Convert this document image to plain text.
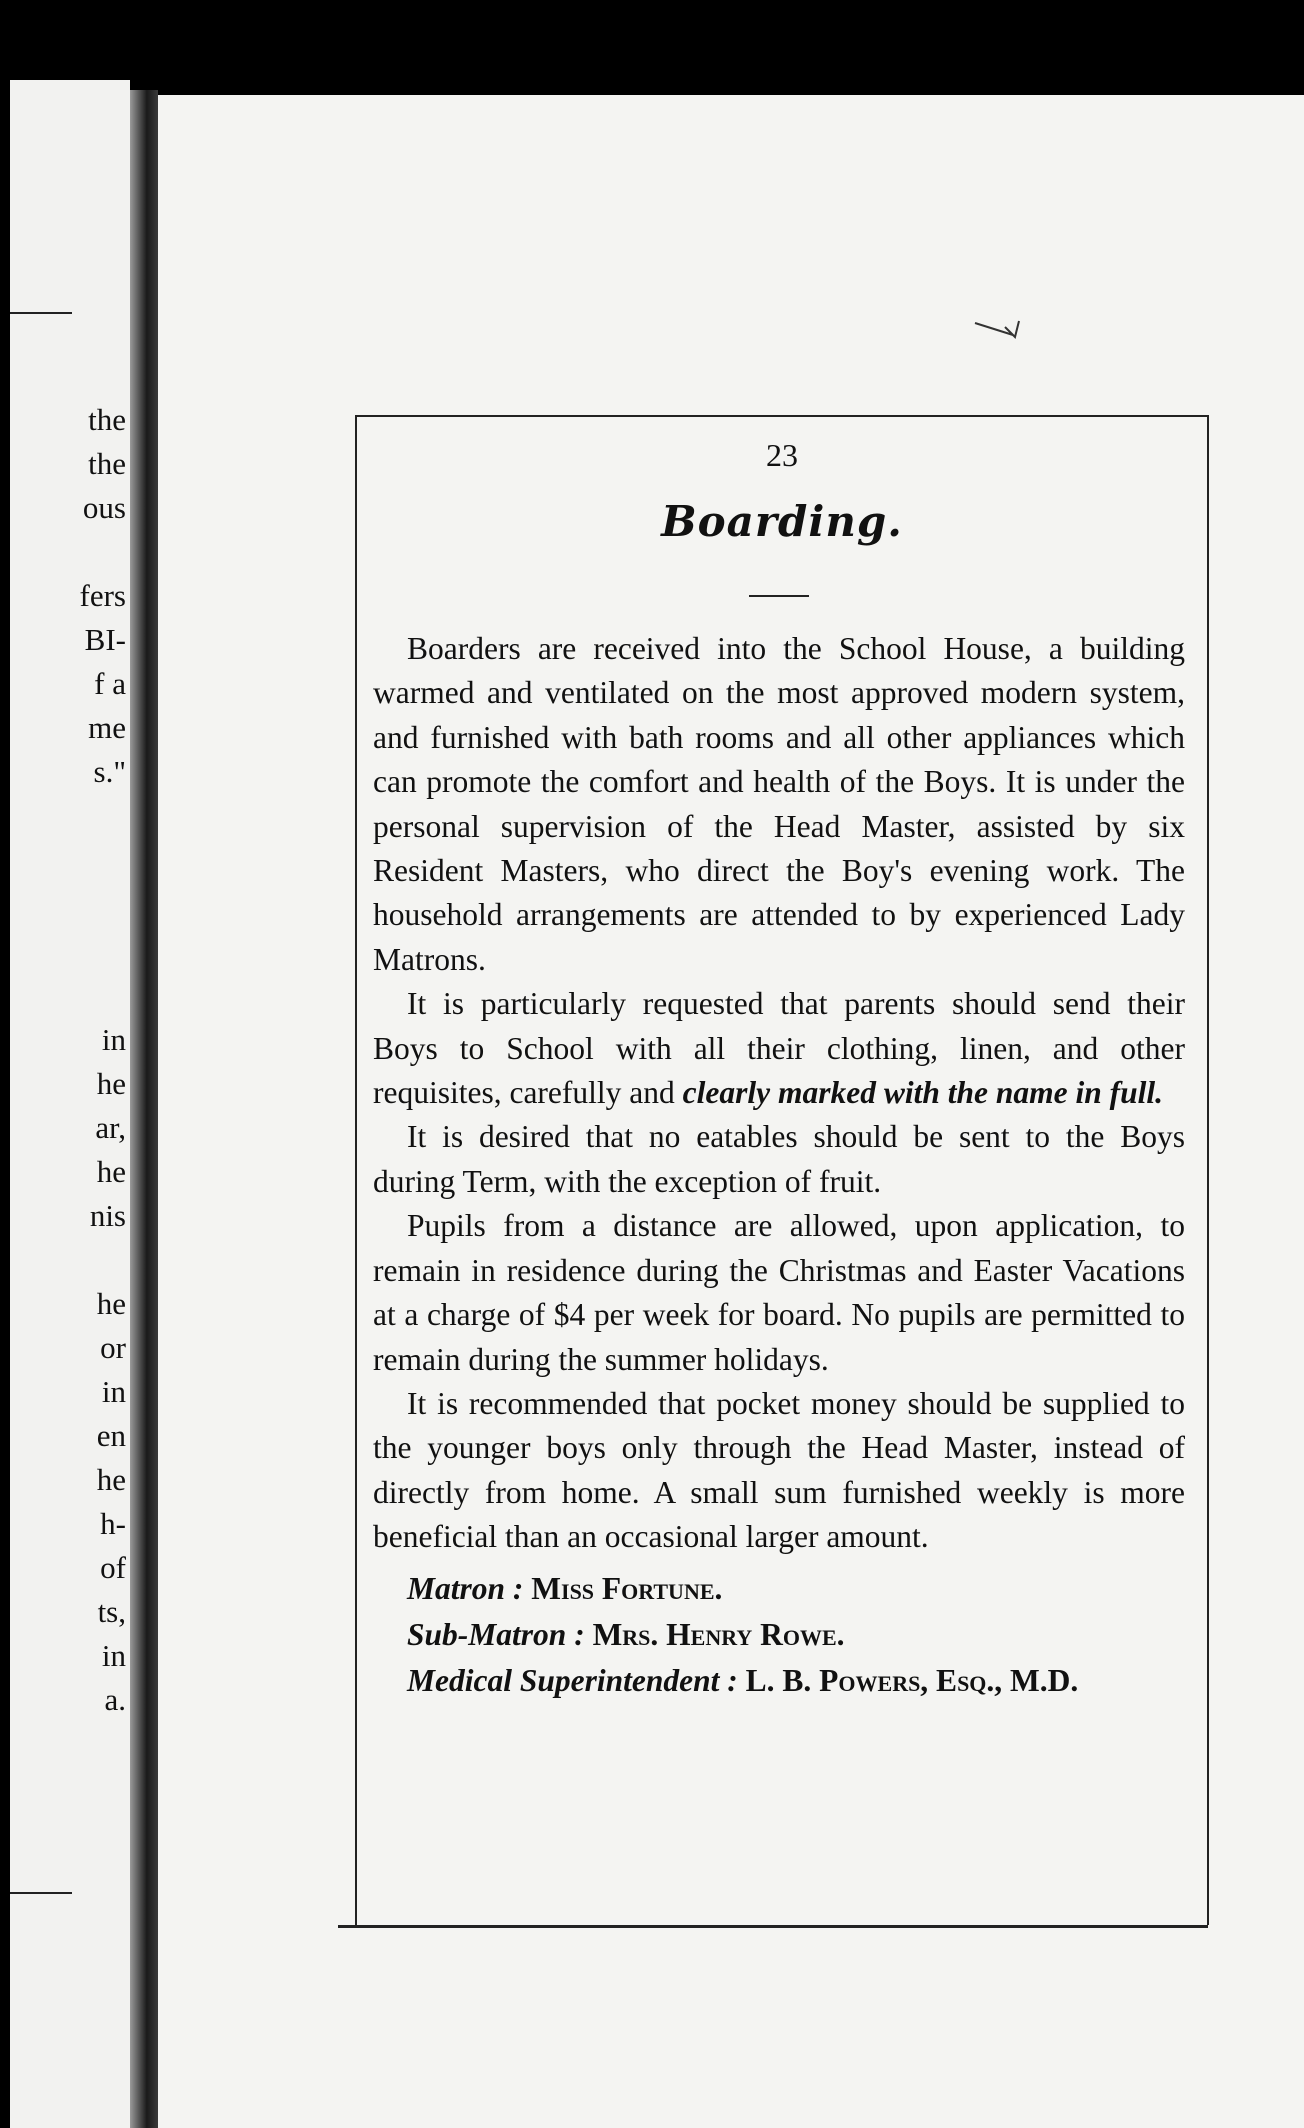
the
the
ous

fers
BI-
f a
me
s."
in
he
ar,
he
nis

he
or
in
en
he
h-
of
ts,
in
a.
23
Boarding.

Boarders are received into the School House, a building warmed and ventilated on the most approved modern system, and furnished with bath rooms and all other appliances which can promote the comfort and health of the Boys. It is under the personal supervision of the Head Master, assisted by six Resident Masters, who direct the Boy's evening work. The household arrangements are attended to by experienced Lady Matrons.

It is particularly requested that parents should send their Boys to School with all their clothing, linen, and other requisites, carefully and clearly marked with the name in full.

It is desired that no eatables should be sent to the Boys during Term, with the exception of fruit.

Pupils from a distance are allowed, upon application, to remain in residence during the Christmas and Easter Vacations at a charge of $4 per week for board. No pupils are permitted to remain during the summer holidays.

It is recommended that pocket money should be supplied to the younger boys only through the Head Master, instead of directly from home. A small sum furnished weekly is more beneficial than an occasional larger amount.

Matron : Miss Fortune.
Sub-Matron : Mrs. Henry Rowe.
Medical Superintendent : L. B. Powers, Esq., M.D.
